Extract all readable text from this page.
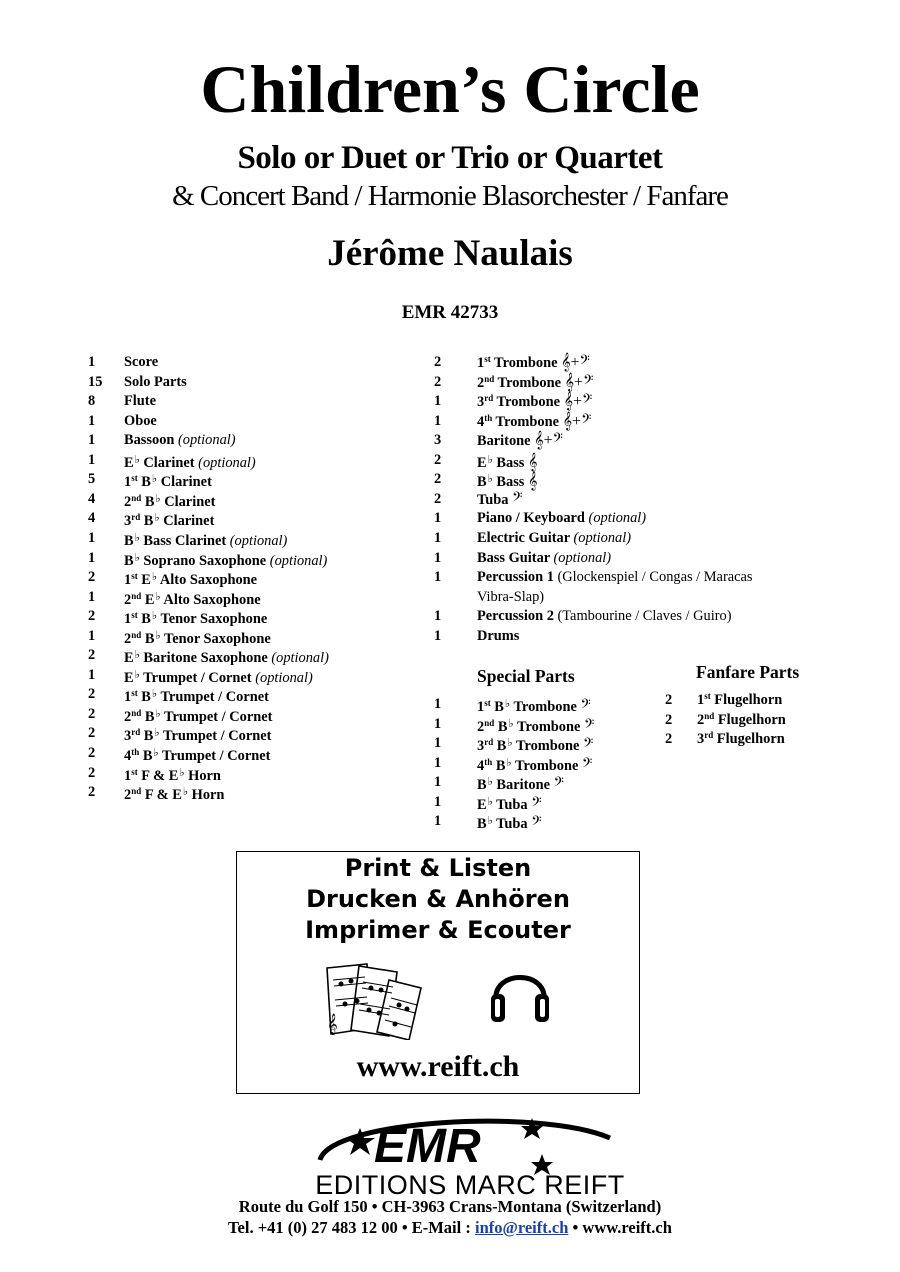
Children’s Circle
Solo or Duet or Trio or Quartet
& Concert Band / Harmonie Blasorchester / Fanfare
Jérôme Naulais
EMR 42733
1 Score
15 Solo Parts
8 Flute
1 Oboe
1 Bassoon (optional)
1 E♭ Clarinet (optional)
5 1st B♭ Clarinet
4 2nd B♭ Clarinet
4 3rd B♭ Clarinet
1 B♭ Bass Clarinet (optional)
1 B♭ Soprano Saxophone (optional)
2 1st E♭ Alto Saxophone
1 2nd E♭ Alto Saxophone
2 1st B♭ Tenor Saxophone
1 2nd B♭ Tenor Saxophone
2 E♭ Baritone Saxophone (optional)
1 E♭ Trumpet / Cornet (optional)
2 1st B♭ Trumpet / Cornet
2 2nd B♭ Trumpet / Cornet
2 3rd B♭ Trumpet / Cornet
2 4th B♭ Trumpet / Cornet
2 1st F & E♭ Horn
2 2nd F & E♭ Horn
2 1st Trombone 𝄞+𝄢
2 2nd Trombone 𝄞+𝄢
1 3rd Trombone 𝄞+𝄢
1 4th Trombone 𝄞+𝄢
3 Baritone 𝄞+𝄢
2 E♭ Bass 𝄞
2 B♭ Bass 𝄞
2 Tuba 𝄢
1 Piano / Keyboard (optional)
1 Electric Guitar (optional)
1 Bass Guitar (optional)
1 Percussion 1 (Glockenspiel / Congas / Maracas
Vibra-Slap)
1 Percussion 2 (Tambourine / Claves / Guiro)
1 Drums
Special Parts
1 1st B♭ Trombone 𝄢
1 2nd B♭ Trombone 𝄢
1 3rd B♭ Trombone 𝄢
1 4th B♭ Trombone 𝄢
1 B♭ Baritone 𝄢
1 E♭ Tuba 𝄢
1 B♭ Tuba 𝄢
Fanfare Parts
2 1st Flugelhorn
2 2nd Flugelhorn
2 3rd Flugelhorn
Print & Listen
Drucken & Anhören
Imprimer & Ecouter
𝄞
www.reift.ch
EMR
EDITIONS MARC REIFT
Route du Golf 150 • CH-3963 Crans-Montana (Switzerland)
Tel. +41 (0) 27 483 12 00 • E-Mail : info@reift.ch • www.reift.ch
